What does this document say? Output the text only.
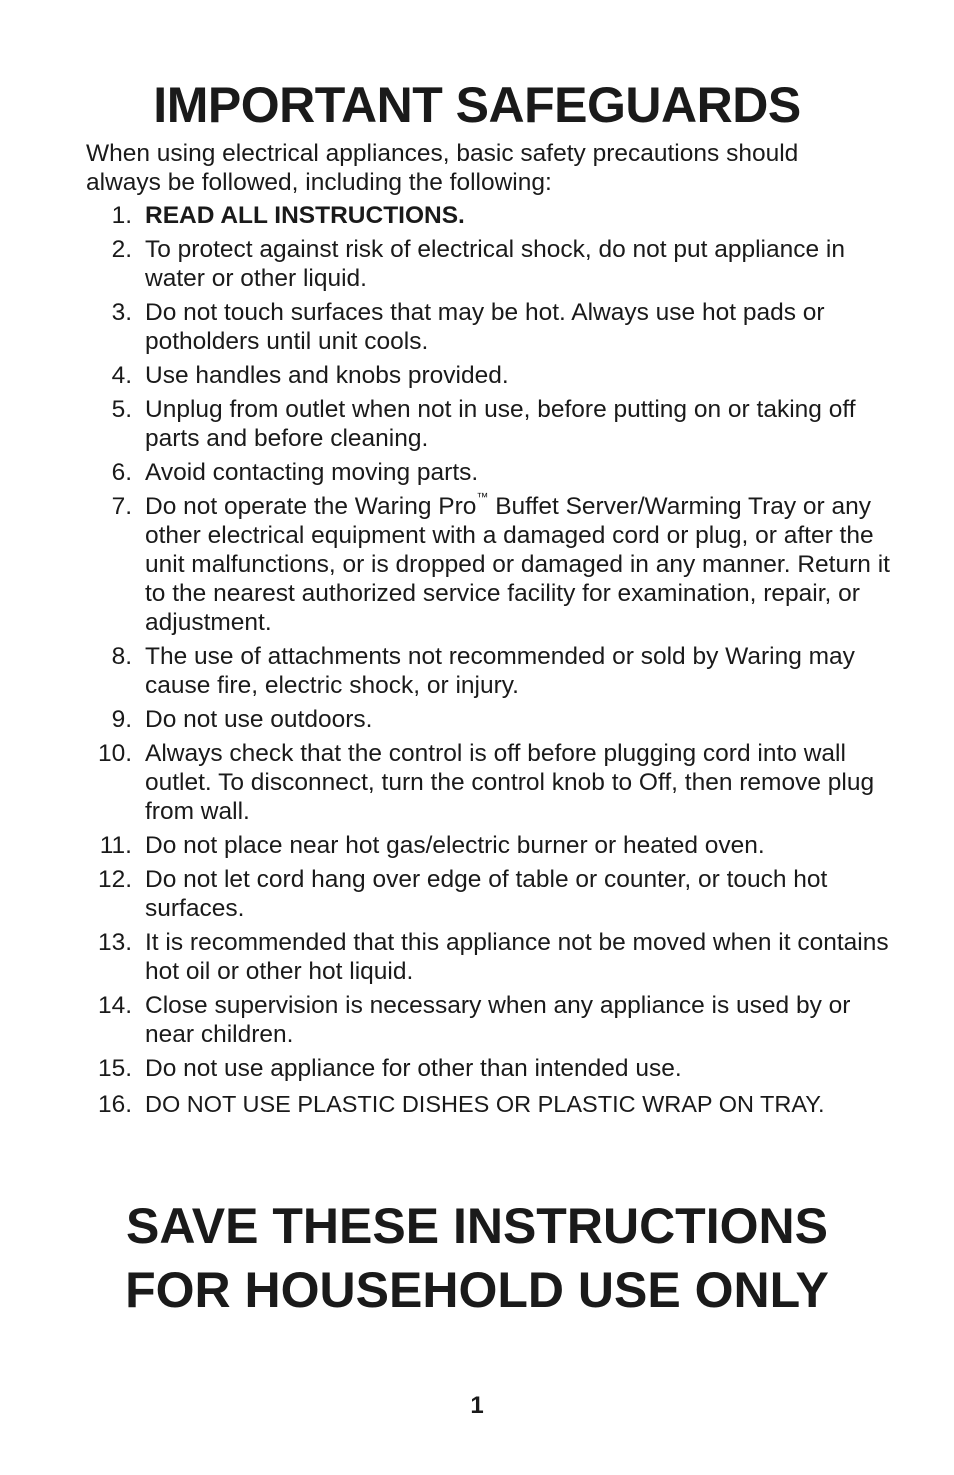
IMPORTANT SAFEGUARDS

When using electrical appliances, basic safety precautions should always be followed, including the following:

1. READ ALL INSTRUCTIONS.
2. To protect against risk of electrical shock, do not put appliance in water or other liquid.
3. Do not touch surfaces that may be hot. Always use hot pads or potholders until unit cools.
4. Use handles and knobs provided.
5. Unplug from outlet when not in use, before putting on or taking off parts and before cleaning.
6. Avoid contacting moving parts.
7. Do not operate the Waring Pro™ Buffet Server/Warming Tray or any other electrical equipment with a damaged cord or plug, or after the unit malfunctions, or is dropped or damaged in any manner. Return it to the nearest authorized service facility for examination, repair, or adjustment.
8. The use of attachments not recommended or sold by Waring may cause fire, electric shock, or injury.
9. Do not use outdoors.
10. Always check that the control is off before plugging cord into wall outlet. To disconnect, turn the control knob to Off, then remove plug from wall.
11. Do not place near hot gas/electric burner or heated oven.
12. Do not let cord hang over edge of table or counter, or touch hot surfaces.
13. It is recommended that this appliance not be moved when it contains hot oil or other hot liquid.
14. Close supervision is necessary when any appliance is used by or near children.
15. Do not use appliance for other than intended use.
16. DO NOT USE PLASTIC DISHES OR PLASTIC WRAP ON TRAY.
SAVE THESE INSTRUCTIONS
FOR HOUSEHOLD USE ONLY
1
